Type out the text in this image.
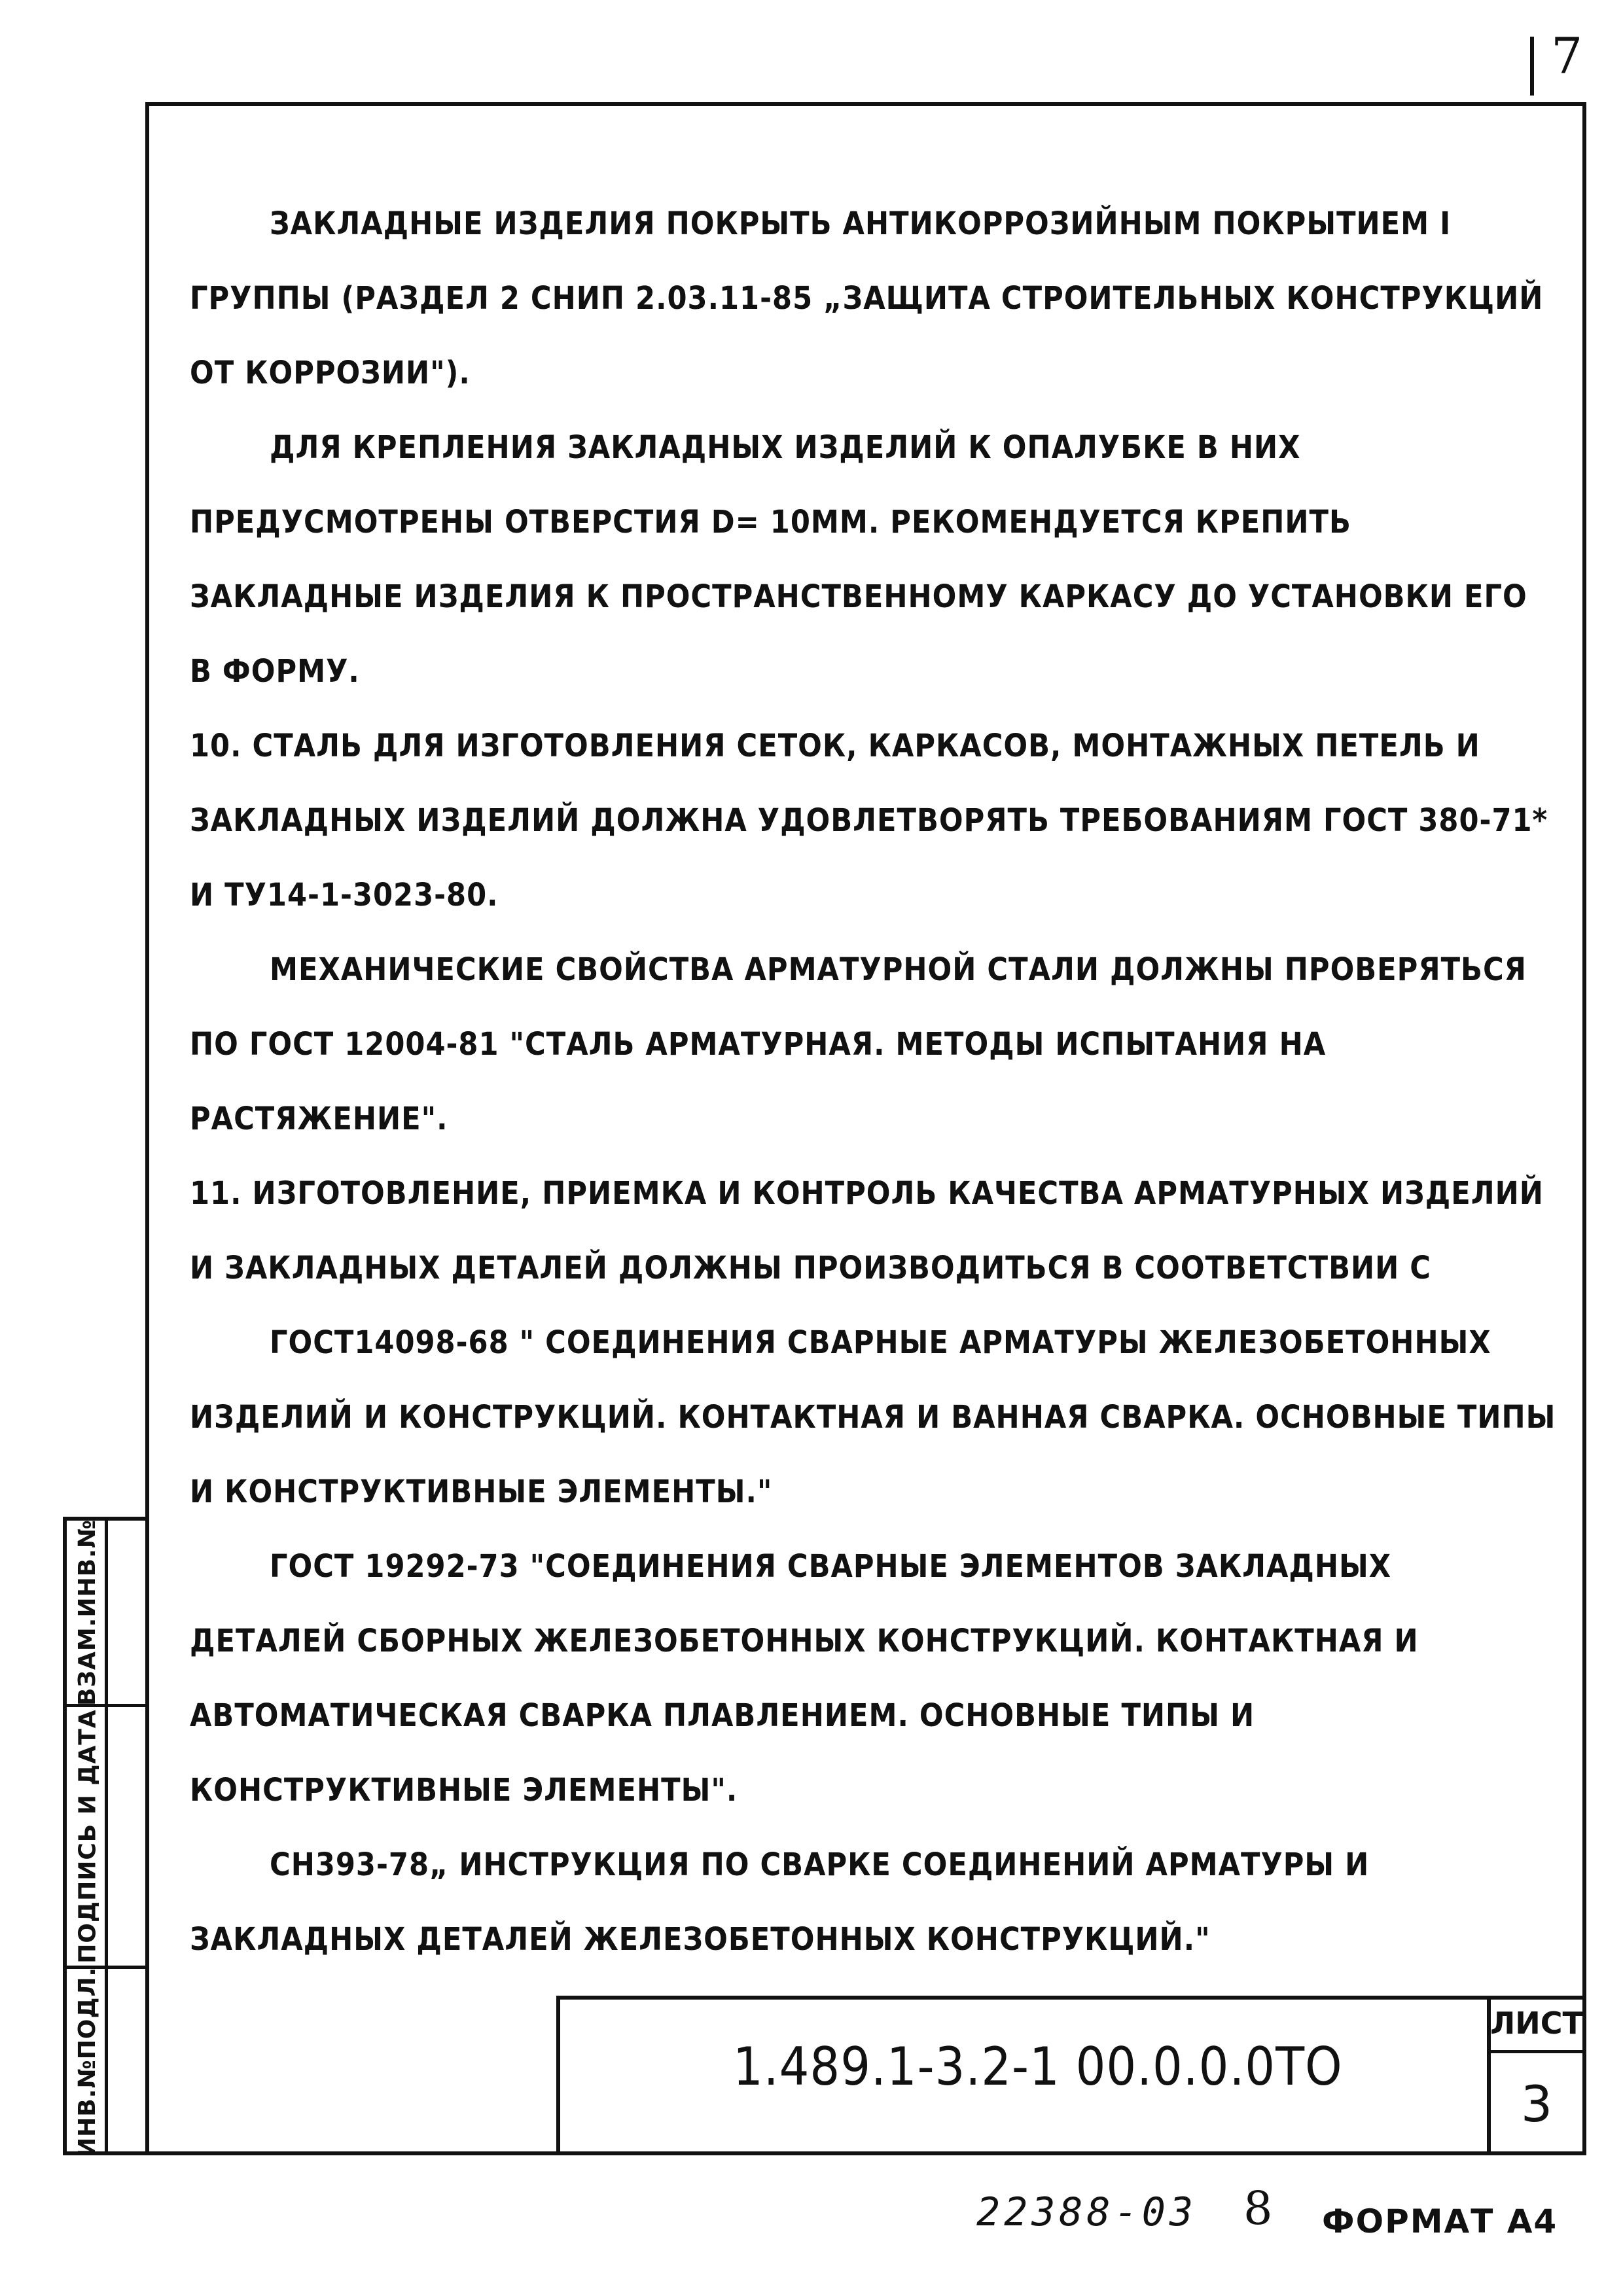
7

ЗАКЛАДНЫЕ ИЗДЕЛИЯ ПОКРЫТЬ АНТИКОРРОЗИЙНЫМ ПОКРЫТИЕМ I ГРУППЫ (РАЗДЕЛ 2 СНИП 2.03.11-85 „ЗАЩИТА СТРОИТЕЛЬНЫХ КОНСТРУКЦИЙ ОТ КОРРОЗИИ").

ДЛЯ КРЕПЛЕНИЯ ЗАКЛАДНЫХ ИЗДЕЛИЙ К ОПАЛУБКЕ В НИХ ПРЕДУСМОТРЕНЫ ОТВЕРСТИЯ D= 10ММ. РЕКОМЕНДУЕТСЯ КРЕПИТЬ ЗАКЛАДНЫЕ ИЗДЕЛИЯ К ПРОСТРАНСТВЕННОМУ КАРКАСУ ДО УСТАНОВКИ ЕГО В ФОРМУ.

10. СТАЛЬ ДЛЯ ИЗГОТОВЛЕНИЯ СЕТОК, КАРКАСОВ, МОНТАЖНЫХ ПЕТЕЛЬ И ЗАКЛАДНЫХ ИЗДЕЛИЙ ДОЛЖНА УДОВЛЕТВОРЯТЬ ТРЕБОВАНИЯМ ГОСТ 380-71* И ТУ14-1-3023-80.

МЕХАНИЧЕСКИЕ СВОЙСТВА АРМАТУРНОЙ СТАЛИ ДОЛЖНЫ ПРОВЕРЯТЬСЯ ПО ГОСТ 12004-81 "СТАЛЬ АРМАТУРНАЯ. МЕТОДЫ ИСПЫТАНИЯ НА РАСТЯЖЕНИЕ".

11. ИЗГОТОВЛЕНИЕ, ПРИЕМКА И КОНТРОЛЬ КАЧЕСТВА АРМАТУРНЫХ ИЗДЕЛИЙ И ЗАКЛАДНЫХ ДЕТАЛЕЙ ДОЛЖНЫ ПРОИЗВОДИТЬСЯ В СООТВЕТСТВИИ С

ГОСТ14098-68 " СОЕДИНЕНИЯ СВАРНЫЕ АРМАТУРЫ ЖЕЛЕЗОБЕТОННЫХ ИЗДЕЛИЙ И КОНСТРУКЦИЙ. КОНТАКТНАЯ И ВАННАЯ СВАРКА. ОСНОВНЫЕ ТИПЫ И КОНСТРУКТИВНЫЕ ЭЛЕМЕНТЫ."

ГОСТ 19292-73 "СОЕДИНЕНИЯ СВАРНЫЕ ЭЛЕМЕНТОВ ЗАКЛАДНЫХ ДЕТАЛЕЙ СБОРНЫХ ЖЕЛЕЗОБЕТОННЫХ КОНСТРУКЦИЙ. КОНТАКТНАЯ И АВТОМАТИЧЕСКАЯ СВАРКА ПЛАВЛЕНИЕМ. ОСНОВНЫЕ ТИПЫ И КОНСТРУКТИВНЫЕ ЭЛЕМЕНТЫ".

СН393-78„ ИНСТРУКЦИЯ ПО СВАРКЕ СОЕДИНЕНИЙ АРМАТУРЫ И ЗАКЛАДНЫХ ДЕТАЛЕЙ ЖЕЛЕЗОБЕТОННЫХ КОНСТРУКЦИЙ."

ВЗАМ.ИНВ.№
ПОДПИСЬ И ДАТА
ИНВ.№ПОДЛ.	1.489.1-3.2-1 00.0.0.0ТО
ЛИСТ
3
22388-03 8 ФОРМАТ А4
